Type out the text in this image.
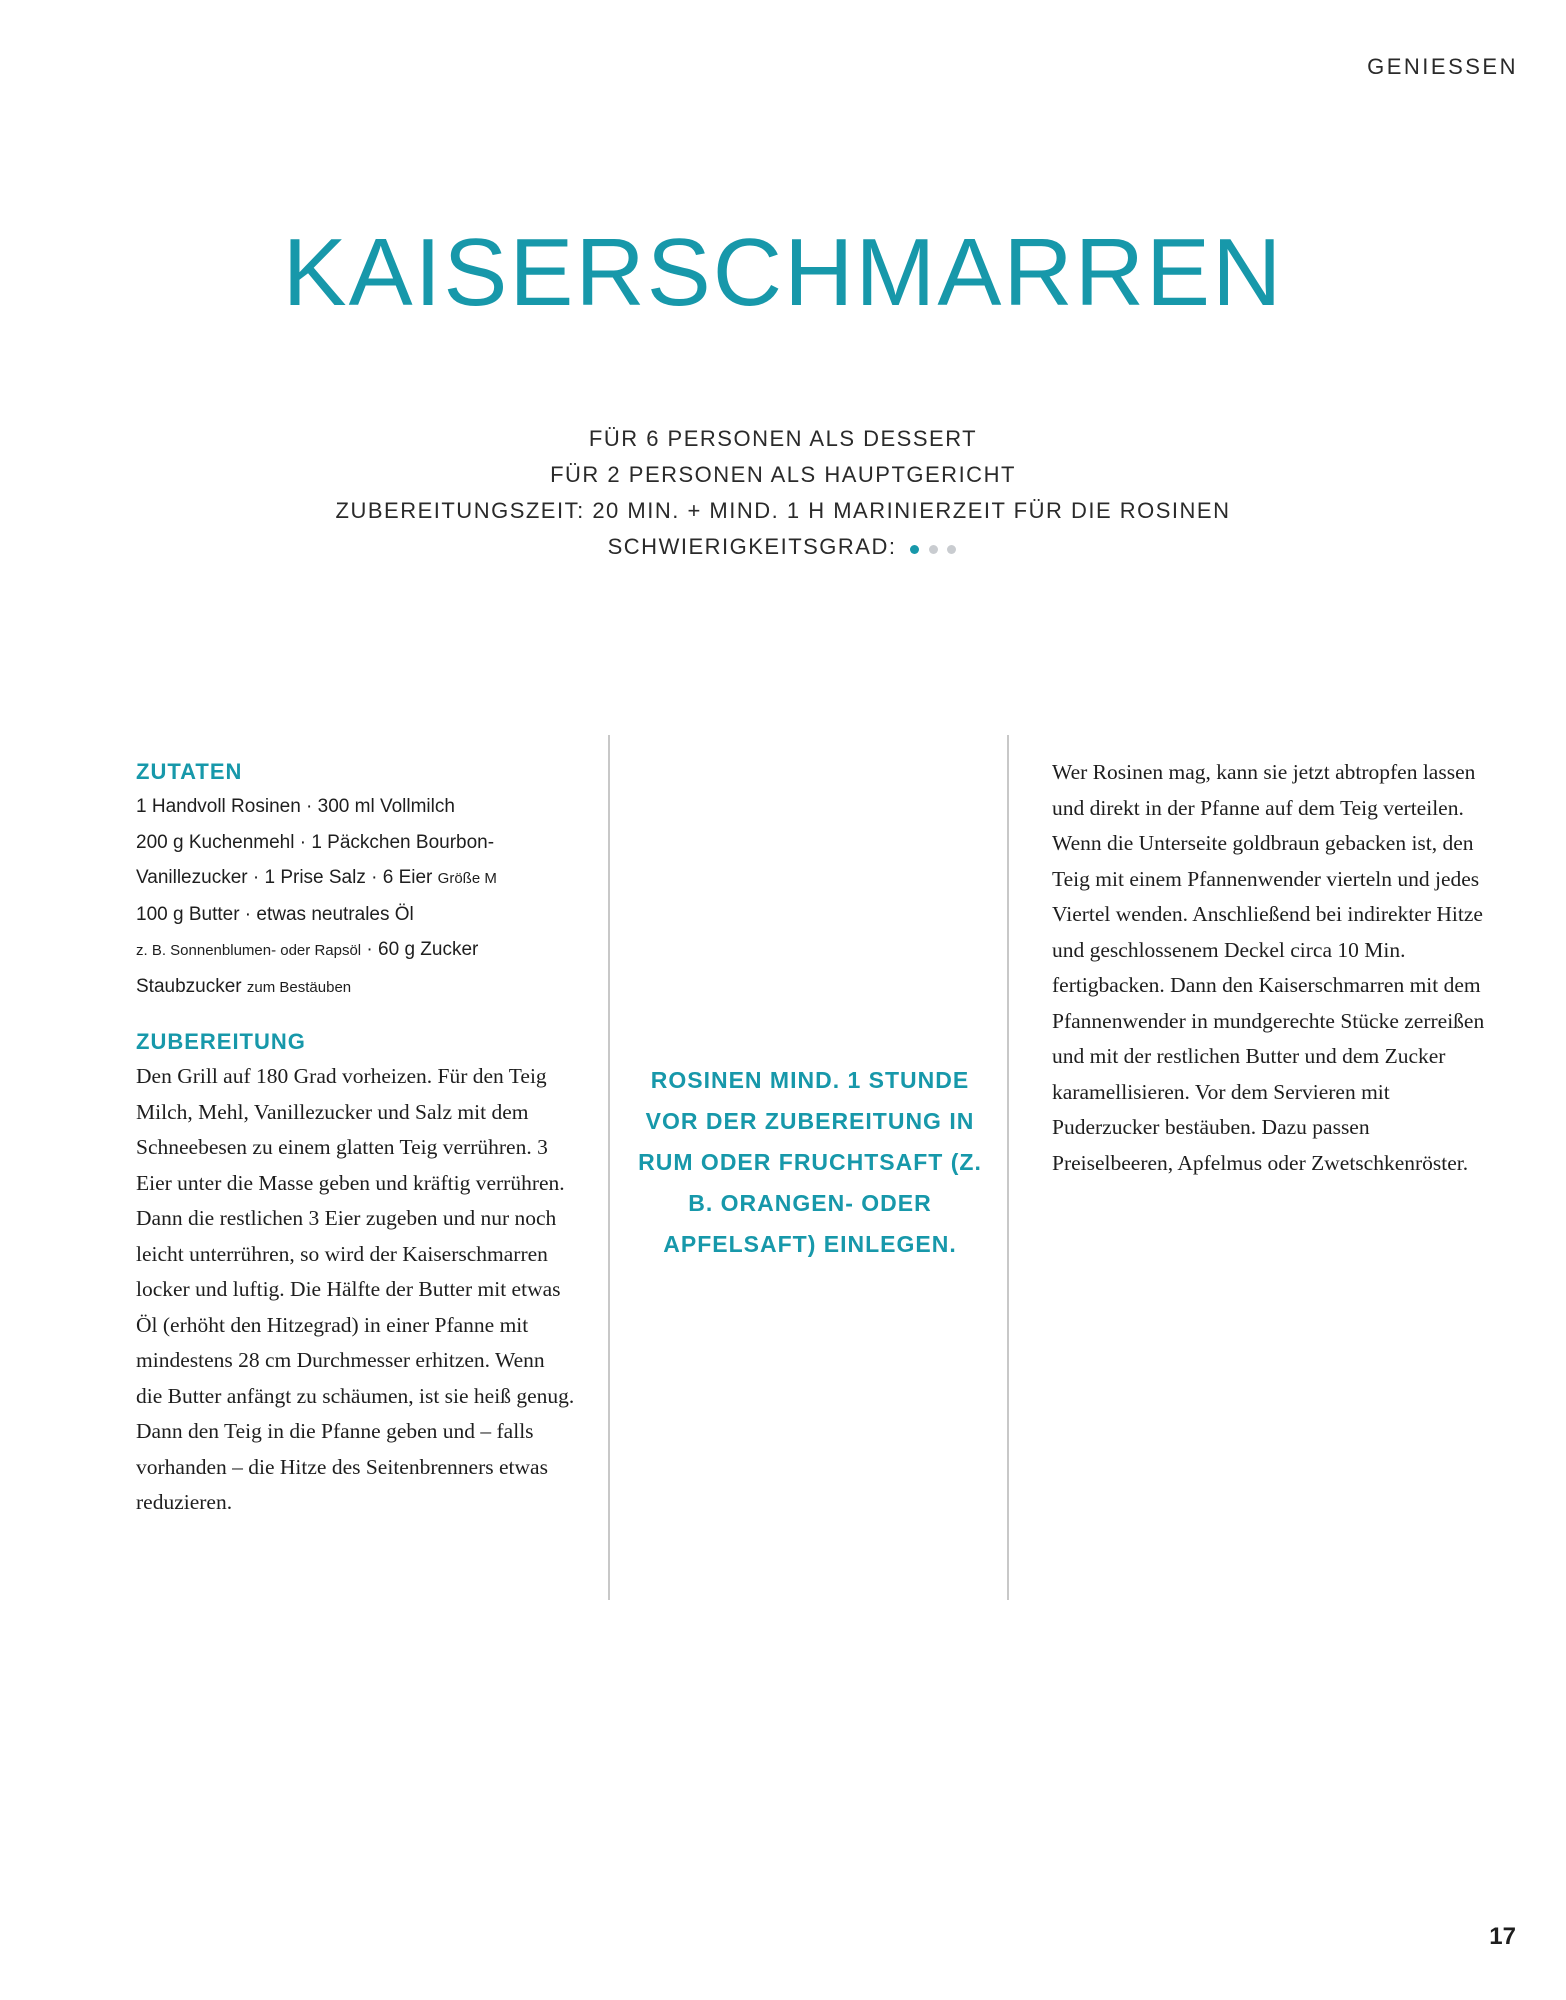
GENIESSEN
KAISERSCHMARREN
FÜR 6 PERSONEN ALS DESSERT
FÜR 2 PERSONEN ALS HAUPTGERICHT
ZUBEREITUNGSZEIT: 20 MIN. + MIND. 1 H MARINIERZEIT FÜR DIE ROSINEN
SCHWIERIGKEITSGRAD:
ZUTATEN
1 Handvoll Rosinen · 300 ml Vollmilch
200 g Kuchenmehl · 1 Päckchen Bourbon-
Vanillezucker · 1 Prise Salz · 6 Eier Größe M
100 g Butter · etwas neutrales Öl
z. B. Sonnenblumen- oder Rapsöl · 60 g Zucker
Staubzucker zum Bestäuben
ZUBEREITUNG

Den Grill auf 180 Grad vorheizen. Für den Teig Milch, Mehl, Vanillezucker und Salz mit dem Schneebesen zu einem glatten Teig verrühren. 3 Eier unter die Masse geben und kräftig verrühren. Dann die restlichen 3 Eier zugeben und nur noch leicht unterrühren, so wird der Kaiserschmarren locker und luftig. Die Hälfte der Butter mit etwas Öl (erhöht den Hitzegrad) in einer Pfanne mit mindestens 28 cm Durchmesser erhitzen. Wenn die Butter anfängt zu schäumen, ist sie heiß genug. Dann den Teig in die Pfanne geben und – falls vorhanden – die Hitze des Seitenbrenners etwas reduzieren.

ROSINEN MIND. 1 STUNDE VOR DER ZUBEREITUNG IN RUM ODER FRUCHTSAFT (Z. B. ORANGEN- ODER APFELSAFT) EINLEGEN.

Wer Rosinen mag, kann sie jetzt abtropfen lassen und direkt in der Pfanne auf dem Teig verteilen. Wenn die Unterseite goldbraun gebacken ist, den Teig mit einem Pfannenwender vierteln und jedes Viertel wenden. Anschließend bei indirekter Hitze und geschlossenem Deckel circa 10 Min. fertigbacken. Dann den Kaiserschmarren mit dem Pfannenwender in mundgerechte Stücke zerreißen und mit der restlichen Butter und dem Zucker karamellisieren. Vor dem Servieren mit Puderzucker bestäuben. Dazu passen Preiselbeeren, Apfelmus oder Zwetschkenröster.

17
